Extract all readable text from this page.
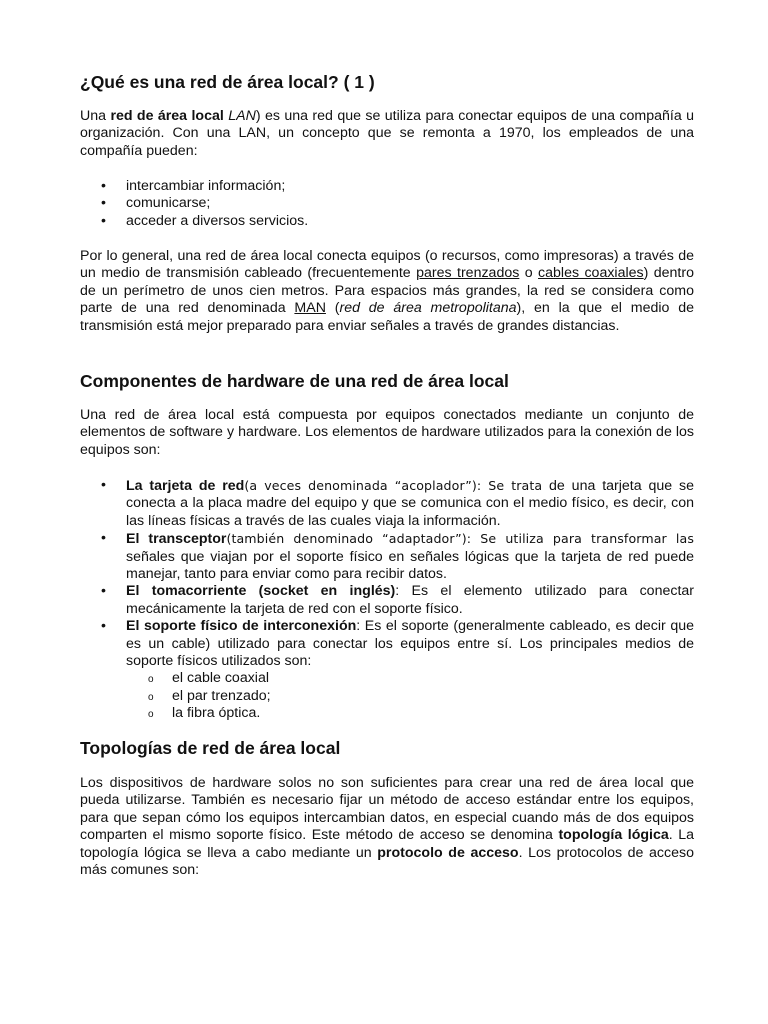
¿Qué es una red de área local? ( 1 )

Una red de área local LAN) es una red que se utiliza para conectar equipos de una compañía u organización. Con una LAN, un concepto que se remonta a 1970, los empleados de una compañía pueden:

• intercambiar información;
• comunicarse;
• acceder a diversos servicios.

Por lo general, una red de área local conecta equipos (o recursos, como impresoras) a través de un medio de transmisión cableado (frecuentemente pares trenzados o cables coaxiales) dentro de un perímetro de unos cien metros. Para espacios más grandes, la red se considera como parte de una red denominada MAN (red de área metropolitana), en la que el medio de transmisión está mejor preparado para enviar señales a través de grandes distancias.

Componentes de hardware de una red de área local

Una red de área local está compuesta por equipos conectados mediante un conjunto de elementos de software y hardware. Los elementos de hardware utilizados para la conexión de los equipos son:

• La tarjeta de red(a veces denominada “acoplador”): Se trata de una tarjeta que se conecta a la placa madre del equipo y que se comunica con el medio físico, es decir, con las líneas físicas a través de las cuales viaja la información.
• El transceptor(también denominado “adaptador”): Se utiliza para transformar las señales que viajan por el soporte físico en señales lógicas que la tarjeta de red puede manejar, tanto para enviar como para recibir datos.
• El tomacorriente (socket en inglés): Es el elemento utilizado para conectar mecánicamente la tarjeta de red con el soporte físico.
• El soporte físico de interconexión: Es el soporte (generalmente cableado, es decir que es un cable) utilizado para conectar los equipos entre sí. Los principales medios de soporte físicos utilizados son:
o el cable coaxial
o el par trenzado;
o la fibra óptica.
Topologías de red de área local

Los dispositivos de hardware solos no son suficientes para crear una red de área local que pueda utilizarse. También es necesario fijar un método de acceso estándar entre los equipos, para que sepan cómo los equipos intercambian datos, en especial cuando más de dos equipos comparten el mismo soporte físico. Este método de acceso se denomina topología lógica. La topología lógica se lleva a cabo mediante un protocolo de acceso. Los protocolos de acceso más comunes son:
